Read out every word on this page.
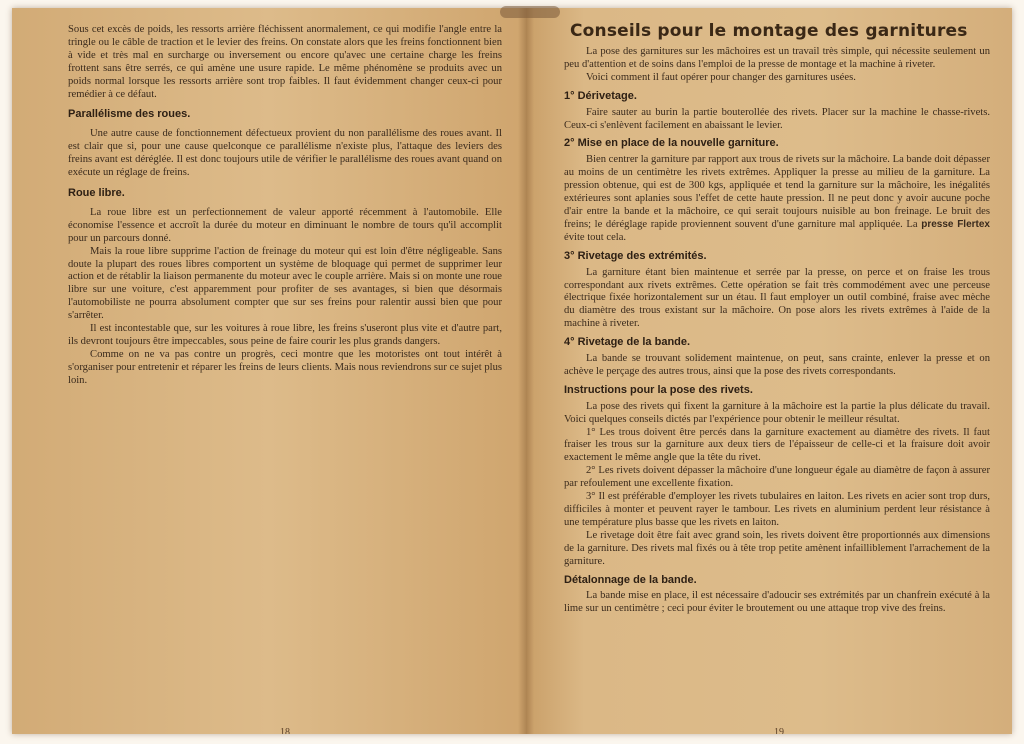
Sous cet excès de poids, les ressorts arrière fléchissent anormalement, ce qui modifie l'angle entre la tringle ou le câble de traction et le levier des freins. On constate alors que les freins fonctionnent bien à vide et très mal en surcharge ou inversement ou encore qu'avec une certaine charge les freins frottent sans être serrés, ce qui amène une usure rapide. Le même phénomène se produits avec un poids normal lorsque les ressorts arrière sont trop faibles. Il faut évidemment changer ceux-ci pour remédier à ce défaut.

Parallélisme des roues.

Une autre cause de fonctionnement défectueux provient du non parallélisme des roues avant. Il est clair que si, pour une cause quelconque ce parallélisme n'existe plus, l'attaque des leviers des freins avant est déréglée. Il est donc toujours utile de vérifier le parallélisme des roues avant quand on exécute un réglage de freins.

Roue libre.

La roue libre est un perfectionnement de valeur apporté récemment à l'automobile. Elle économise l'essence et accroît la durée du moteur en diminuant le nombre de tours qu'il accomplit pour un parcours donné.

Mais la roue libre supprime l'action de freinage du moteur qui est loin d'être négligeable. Sans doute la plupart des roues libres comportent un système de bloquage qui permet de supprimer leur action et de rétablir la liaison permanente du moteur avec le couple arrière. Mais si on monte une roue libre sur une voiture, c'est apparemment pour profiter de ses avantages, si bien que désormais l'automobiliste ne pourra absolument compter que sur ses freins pour ralentir aussi bien que pour s'arrêter.

Il est incontestable que, sur les voitures à roue libre, les freins s'useront plus vite et d'autre part, ils devront toujours être impeccables, sous peine de faire courir les plus grands dangers.

Comme on ne va pas contre un progrès, ceci montre que les motoristes ont tout intérêt à s'organiser pour entretenir et réparer les freins de leurs clients. Mais nous reviendrons sur ce sujet plus loin.

18
Conseils pour le montage des garnitures

La pose des garnitures sur les mâchoires est un travail très simple, qui nécessite seulement un peu d'attention et de soins dans l'emploi de la presse de montage et la machine à riveter.

Voici comment il faut opérer pour changer des garnitures usées.

1° Dérivetage.

Faire sauter au burin la partie bouterollée des rivets. Placer sur la machine le chasse-rivets. Ceux-ci s'enlèvent facilement en abaissant le levier.

2° Mise en place de la nouvelle garniture.

Bien centrer la garniture par rapport aux trous de rivets sur la mâchoire. La bande doit dépasser au moins de un centimètre les rivets extrêmes. Appliquer la presse au milieu de la garniture. La pression obtenue, qui est de 300 kgs, appliquée et tend la garniture sur la mâchoire, les inégalités extérieures sont aplanies sous l'effet de cette haute pression. Il ne peut donc y avoir aucune poche d'air entre la bande et la mâchoire, ce qui serait toujours nuisible au bon freinage. Le bruit des freins; le déréglage rapide proviennent souvent d'une garniture mal appliquée. La presse Flertex évite tout cela.

3° Rivetage des extrémités.

La garniture étant bien maintenue et serrée par la presse, on perce et on fraise les trous correspondant aux rivets extrêmes. Cette opération se fait très commodément avec une perceuse électrique fixée horizontalement sur un étau. Il faut employer un outil combiné, fraise avec mèche du diamètre des trous existant sur la mâchoire. On pose alors les rivets extrêmes à l'aide de la machine à riveter.

4° Rivetage de la bande.

La bande se trouvant solidement maintenue, on peut, sans crainte, enlever la presse et on achève le perçage des autres trous, ainsi que la pose des rivets correspondants.

Instructions pour la pose des rivets.

La pose des rivets qui fixent la garniture à la mâchoire est la partie la plus délicate du travail. Voici quelques conseils dictés par l'expérience pour obtenir le meilleur résultat.

1° Les trous doivent être percés dans la garniture exactement au diamètre des rivets. Il faut fraiser les trous sur la garniture aux deux tiers de l'épaisseur de celle-ci et la fraisure doit avoir exactement le même angle que la tête du rivet.

2° Les rivets doivent dépasser la mâchoire d'une longueur égale au diamètre de façon à assurer par refoulement une excellente fixation.

3° Il est préférable d'employer les rivets tubulaires en laiton. Les rivets en acier sont trop durs, difficiles à monter et peuvent rayer le tambour. Les rivets en aluminium perdent leur résistance à une température plus basse que les rivets en laiton.

Le rivetage doit être fait avec grand soin, les rivets doivent être proportionnés aux dimensions de la garniture. Des rivets mal fixés ou à tête trop petite amènent infailliblement l'arrachement de la garniture.

Détalonnage de la bande.

La bande mise en place, il est nécessaire d'adoucir ses extrémités par un chanfrein exécuté à la lime sur un centimètre ; ceci pour éviter le broutement ou une attaque trop vive des freins.

19
